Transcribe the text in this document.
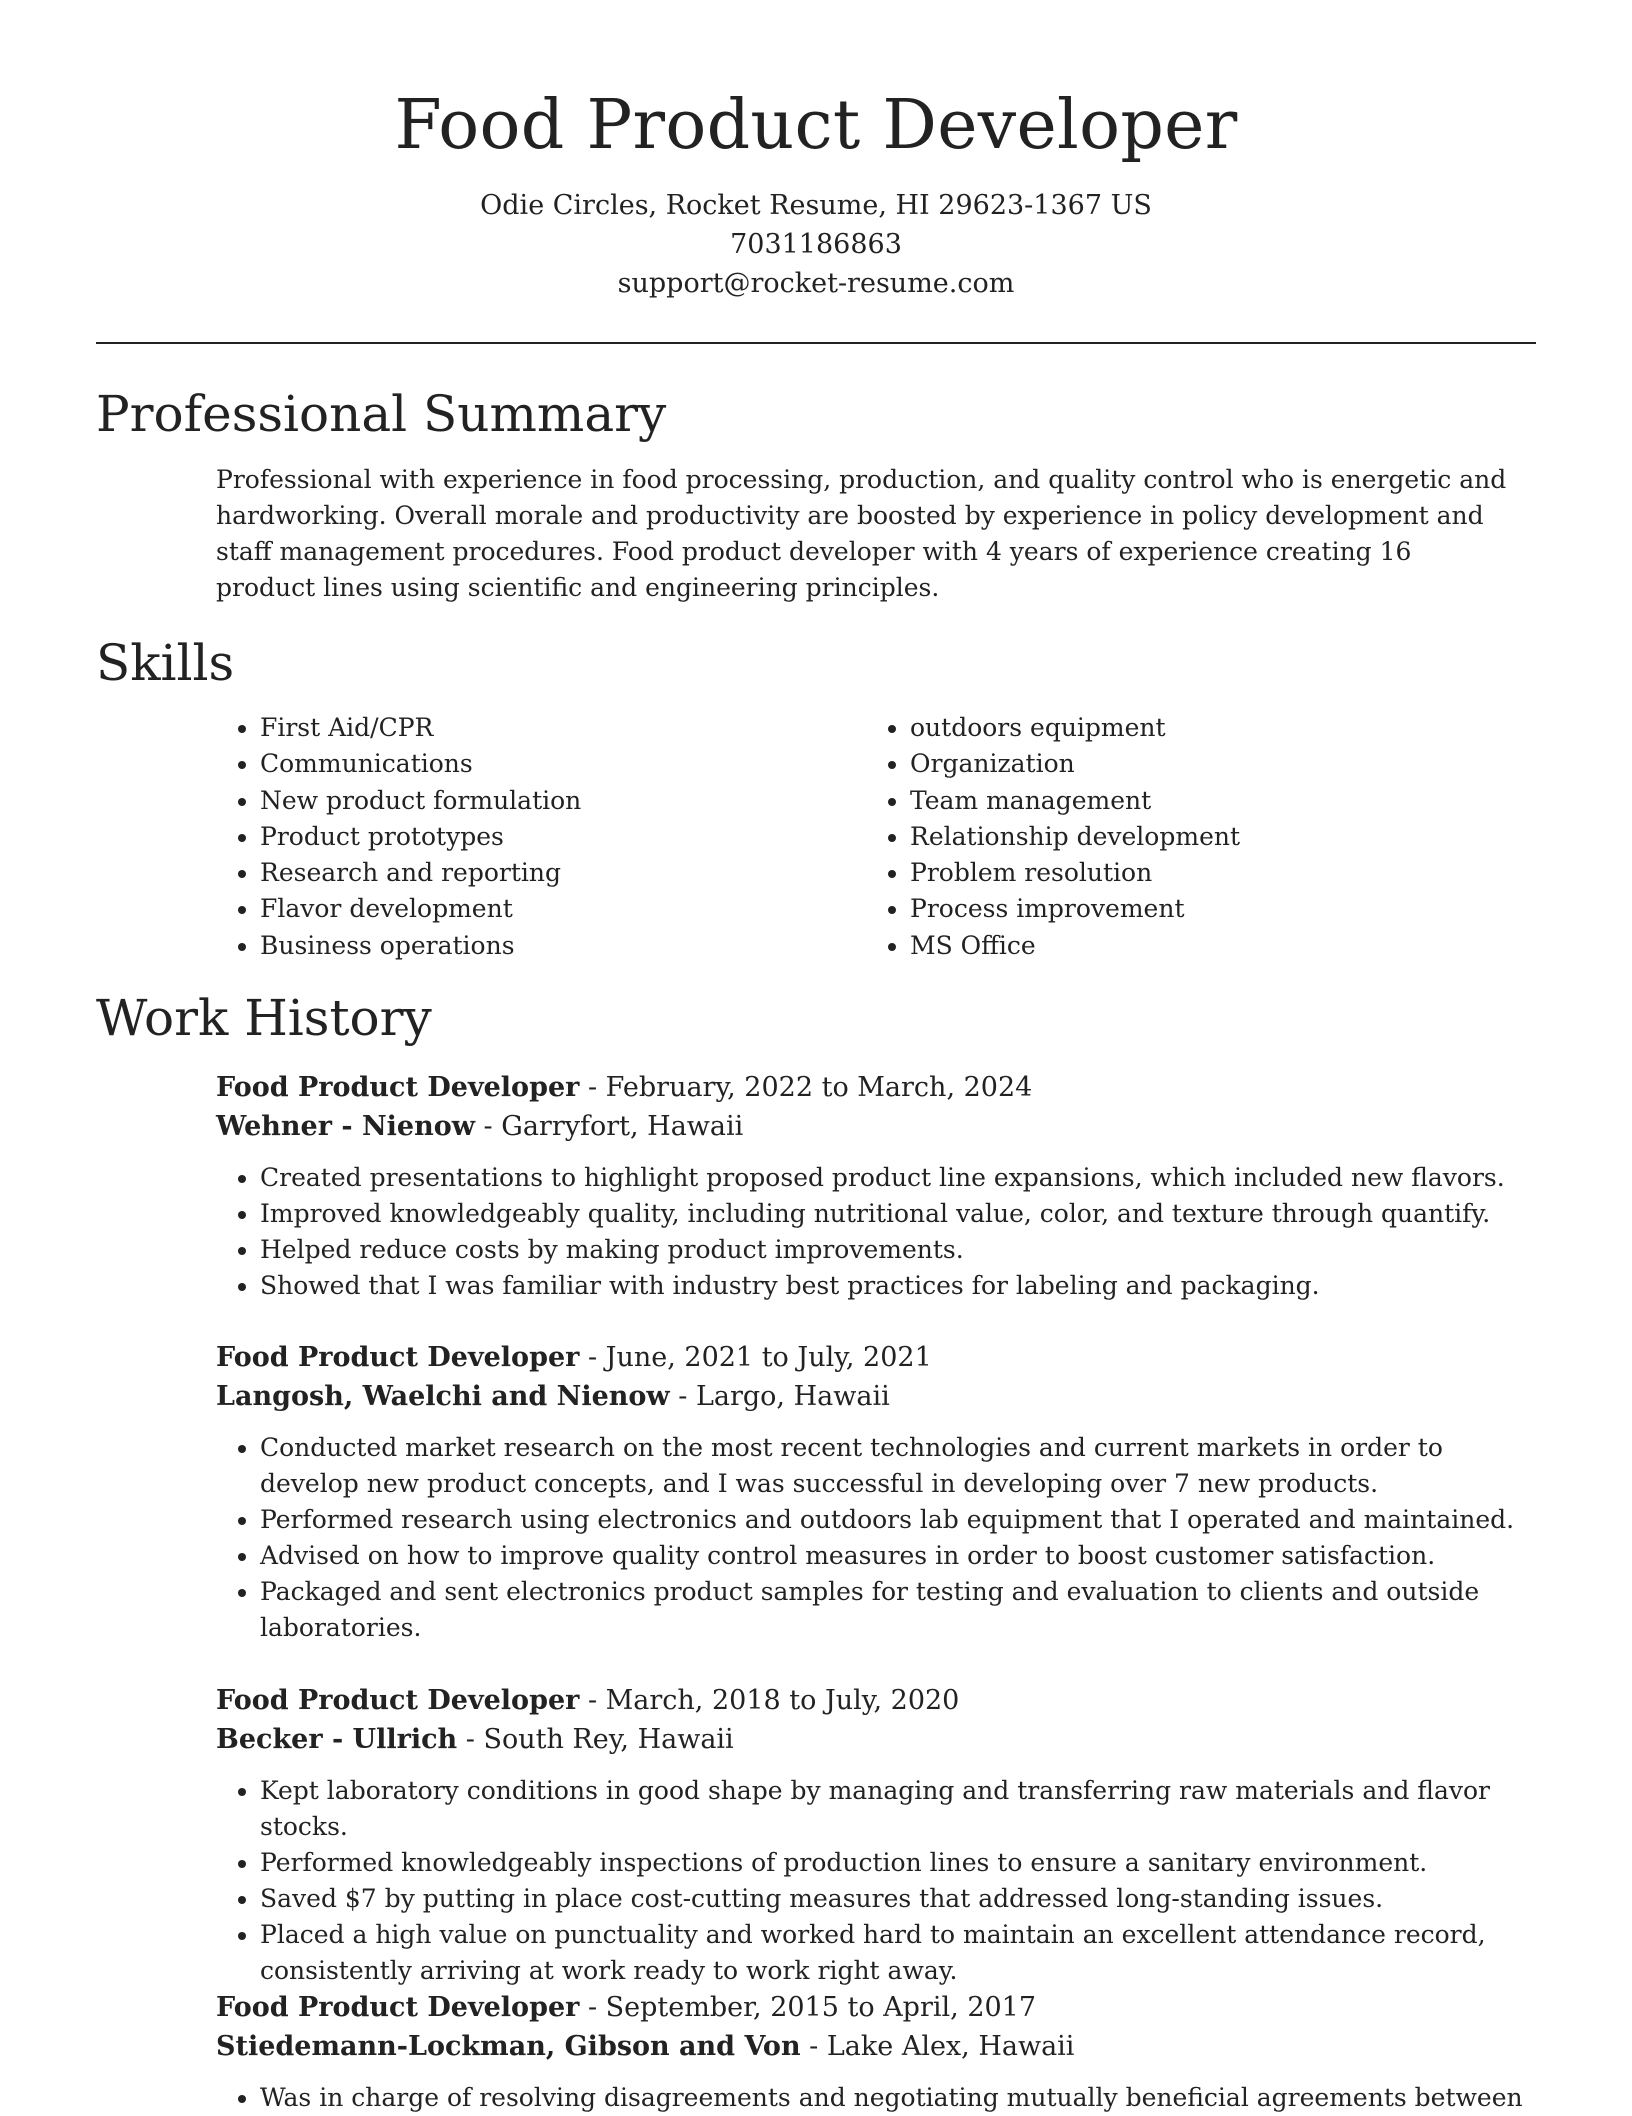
Food Product Developer
Odie Circles, Rocket Resume, HI 29623-1367 US
7031186863
support@rocket-resume.com
Professional Summary

Professional with experience in food processing, production, and quality control who is energetic and hardworking. Overall morale and productivity are boosted by experience in policy development and staff management procedures. Food product developer with 4 years of experience creating 16 product lines using scientific and engineering principles.

Skills
• First Aid/CPR
• Communications
• New product formulation
• Product prototypes
• Research and reporting
• Flavor development
• Business operations
• outdoors equipment
• Organization
• Team management
• Relationship development
• Problem resolution
• Process improvement
• MS Office
Work History
Food Product Developer - February, 2022 to March, 2024
Wehner - Nienow - Garryfort, Hawaii
• Created presentations to highlight proposed product line expansions, which included new flavors.
• Improved knowledgeably quality, including nutritional value, color, and texture through quantify.
• Helped reduce costs by making product improvements.
• Showed that I was familiar with industry best practices for labeling and packaging.
Food Product Developer - June, 2021 to July, 2021
Langosh, Waelchi and Nienow - Largo, Hawaii
• Conducted market research on the most recent technologies and current markets in order to develop new product concepts, and I was successful in developing over 7 new products.
• Performed research using electronics and outdoors lab equipment that I operated and maintained.
• Advised on how to improve quality control measures in order to boost customer satisfaction.
• Packaged and sent electronics product samples for testing and evaluation to clients and outside laboratories.
Food Product Developer - March, 2018 to July, 2020
Becker - Ullrich - South Rey, Hawaii
• Kept laboratory conditions in good shape by managing and transferring raw materials and flavor stocks.
• Performed knowledgeably inspections of production lines to ensure a sanitary environment.
• Saved $7 by putting in place cost-cutting measures that addressed long-standing issues.
• Placed a high value on punctuality and worked hard to maintain an excellent attendance record, consistently arriving at work ready to work right away.
Food Product Developer - September, 2015 to April, 2017
Stiedemann-Lockman, Gibson and Von - Lake Alex, Hawaii
• Was in charge of resolving disagreements and negotiating mutually beneficial agreements between
